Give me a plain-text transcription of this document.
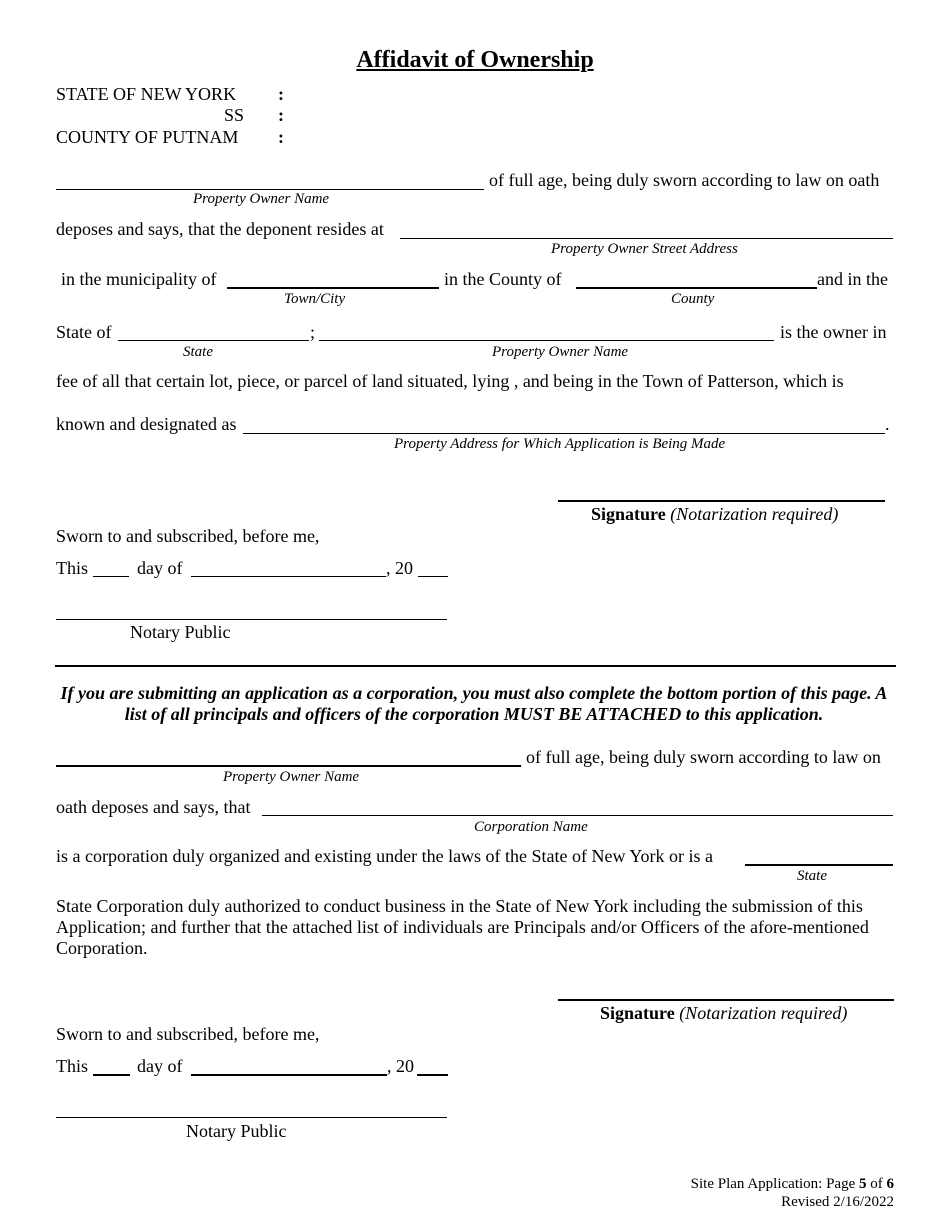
Affidavit of Ownership
STATE OF NEW YORK :
SS :
COUNTY OF PUTNAM :
of full age, being duly sworn according to law on oath
Property Owner Name
deposes and says, that the deponent resides at
Property Owner Street Address
in the municipality of
Town/City
in the County of
County
and in the
State of	;
State	Property Owner Name
is the owner in
fee of all that certain lot, piece, or parcel of land situated, lying , and being in the Town of Patterson, which is
known and designated as	.
Property Address for Which Application is Being Made
Signature (Notarization required)
Sworn to and subscribed, before me,
This	day of	, 20
Notary Public
If you are submitting an application as a corporation, you must also complete the bottom portion of this page. A list of all principals and officers of the corporation MUST BE ATTACHED to this application.
of full age, being duly sworn according to law on
Property Owner Name
oath deposes and says, that
Corporation Name
is a corporation duly organized and existing under the laws of the State of New York or is a
State
State Corporation duly authorized to conduct business in the State of New York including the submission of this Application; and further that the attached list of individuals are Principals and/or Officers of the afore-mentioned Corporation.
Signature (Notarization required)
Sworn to and subscribed, before me,
This	day of	, 20
Notary Public
Site Plan Application: Page 5 of 6
Revised 2/16/2022
